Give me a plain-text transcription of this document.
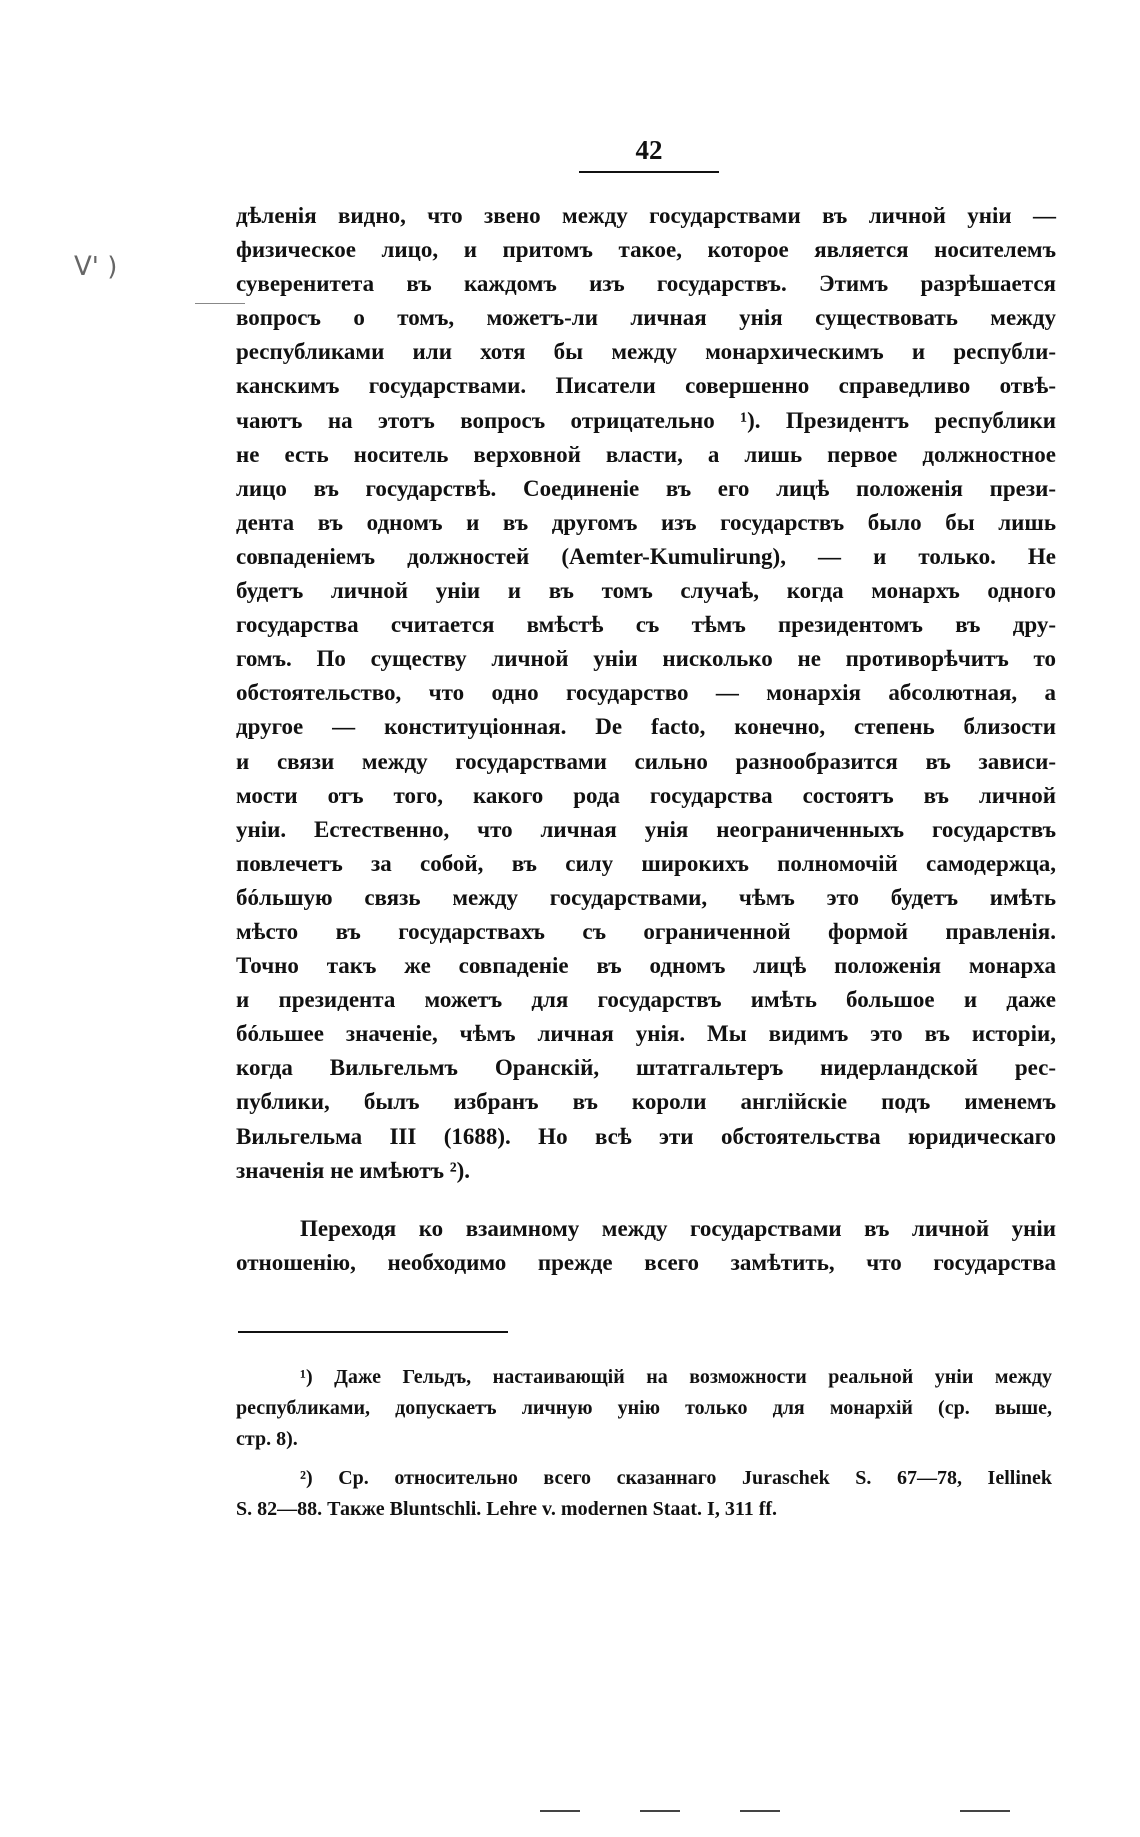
42
ᐯ' )
дѣленія видно, что звено между государствами въ личной уніи —
физическое лицо, и притомъ такое, которое является носителемъ
суверенитета въ каждомъ изъ государствъ. Этимъ разрѣшается
вопросъ о томъ, можетъ-ли личная унія существовать между
республиками или хотя бы между монархическимъ и республи-
канскимъ государствами. Писатели совершенно справедливо отвѣ-
чаютъ на этотъ вопросъ отрицательно ¹). Президентъ республики
не есть носитель верховной власти, а лишь первое должностное
лицо въ государствѣ. Соединеніе въ его лицѣ положенія прези-
дента въ одномъ и въ другомъ изъ государствъ было бы лишь
совпаденіемъ должностей (Aemter-Kumulirung), — и только. Не
будетъ личной уніи и въ томъ случаѣ, когда монархъ одного
государства считается вмѣстѣ съ тѣмъ президентомъ въ дру-
гомъ. По существу личной уніи нисколько не противорѣчитъ то
обстоятельство, что одно государство — монархія абсолютная, а
другое — конституціонная. De facto, конечно, степень близости
и связи между государствами сильно разнообразится въ зависи-
мости отъ того, какого рода государства состоятъ въ личной
уніи. Естественно, что личная унія неограниченныхъ государствъ
повлечетъ за собой, въ силу широкихъ полномочій самодержца,
бóльшую связь между государствами, чѣмъ это будетъ имѣть
мѣсто въ государствахъ съ ограниченной формой правленія.
Точно такъ же совпаденіе въ одномъ лицѣ положенія монарха
и президента можетъ для государствъ имѣть большое и даже
бóльшее значеніе, чѣмъ личная унія. Мы видимъ это въ исторіи,
когда Вильгельмъ Оранскій, штатгальтеръ нидерландской рес-
публики, былъ избранъ въ короли англійскіе подъ именемъ
Вильгельма III (1688). Но всѣ эти обстоятельства юридическаго
значенія не имѣютъ ²).
Переходя ко взаимному между государствами въ личной уніи
отношенію, необходимо прежде всего замѣтить, что государства
¹) Даже Гельдъ, настаивающій на возможности реальной уніи между
республиками, допускаетъ личную унію только для монархій (ср. выше,
стр. 8).
²) Ср. относительно всего сказаннаго Juraschek S. 67—78, Iellinek
S. 82—88. Также Bluntschli. Lehre v. modernen Staat. I, 311 ff.
